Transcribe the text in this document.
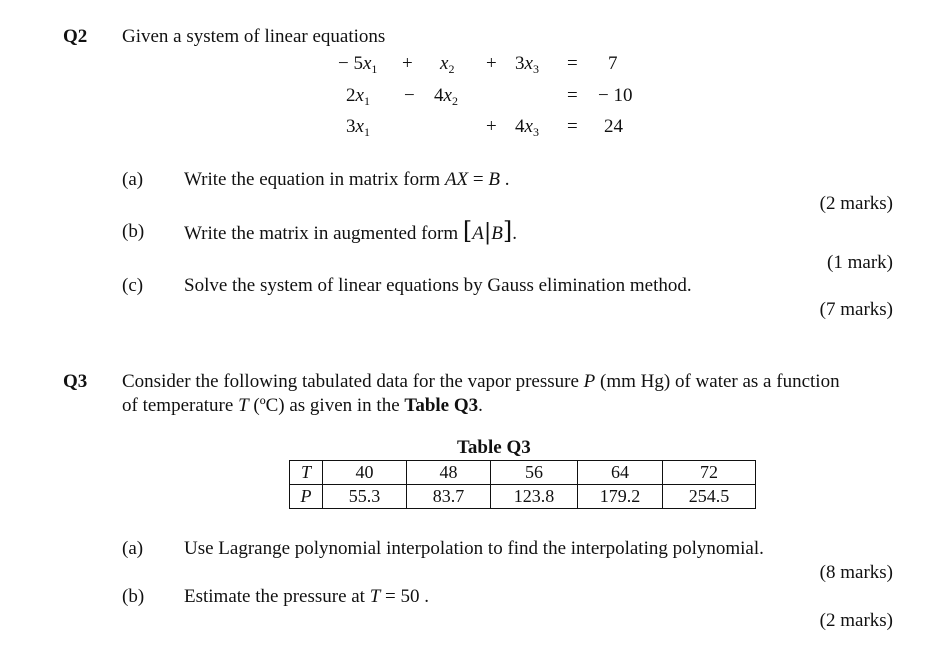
Q2 Given a system of linear equations
− $5x_1 + x_2 + 3x_3 = 7$
$2x_1 - 4x_2$	= − 10
$3x_1$	+ $4x_3 = 24$
(a) Write the equation in matrix form AX = B .
(2 marks)
(b) Write the matrix in augmented form [A|B].
(1 mark)
(c) Solve the system of linear equations by Gauss elimination method.
(7 marks)
Q3 Consider the following tabulated data for the vapor pressure P (mm Hg) of water as a function
of temperature T (ºC) as given in the Table Q3.
Table Q3
T	40	48	56	64	72
P	55.3	83.7	123.8	179.2	254.5
(a) Use Lagrange polynomial interpolation to find the interpolating polynomial.
(8 marks)
(b) Estimate the pressure at T = 50 .
(2 marks)
